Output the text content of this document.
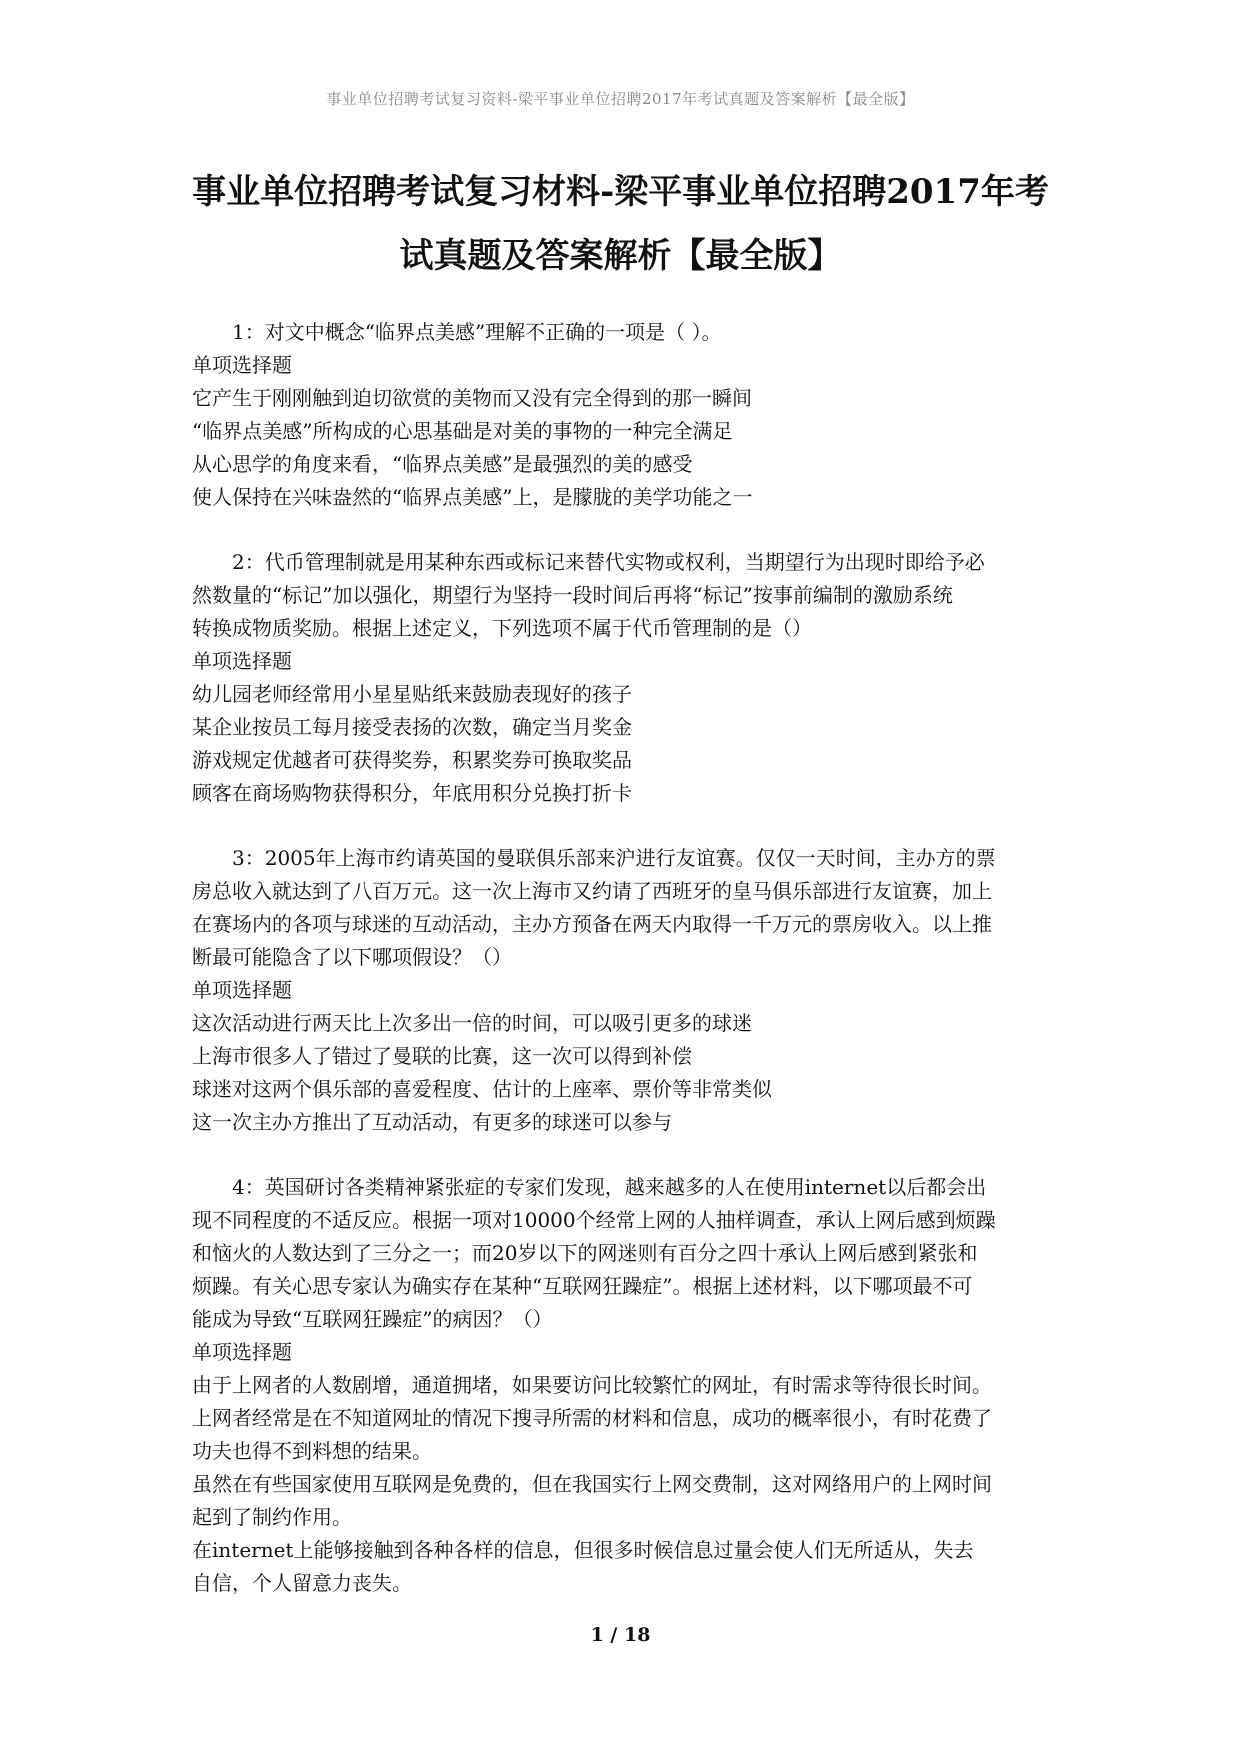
事业单位招聘考试复习资料-梁平事业单位招聘2017年考试真题及答案解析【最全版】
事业单位招聘考试复习材料-梁平事业单位招聘2017年考
试真题及答案解析【最全版】
1：对文中概念“临界点美感”理解不正确的一项是（ ）。
单项选择题
它产生于刚刚触到迫切欲赏的美物而又没有完全得到的那一瞬间
“临界点美感”所构成的心思基础是对美的事物的一种完全满足
从心思学的角度来看，“临界点美感”是最强烈的美的感受
使人保持在兴味盎然的“临界点美感”上，是朦胧的美学功能之一
2：代币管理制就是用某种东西或标记来替代实物或权利，当期望行为出现时即给予必
然数量的“标记”加以强化，期望行为坚持一段时间后再将“标记”按事前编制的激励系统
转换成物质奖励。根据上述定义，下列选项不属于代币管理制的是（）
单项选择题
幼儿园老师经常用小星星贴纸来鼓励表现好的孩子
某企业按员工每月接受表扬的次数，确定当月奖金
游戏规定优越者可获得奖券，积累奖券可换取奖品
顾客在商场购物获得积分，年底用积分兑换打折卡
3：2005年上海市约请英国的曼联俱乐部来沪进行友谊赛。仅仅一天时间，主办方的票
房总收入就达到了八百万元。这一次上海市又约请了西班牙的皇马俱乐部进行友谊赛，加上
在赛场内的各项与球迷的互动活动，主办方预备在两天内取得一千万元的票房收入。以上推
断最可能隐含了以下哪项假设？（）
单项选择题
这次活动进行两天比上次多出一倍的时间，可以吸引更多的球迷
上海市很多人了错过了曼联的比赛，这一次可以得到补偿
球迷对这两个俱乐部的喜爱程度、估计的上座率、票价等非常类似
这一次主办方推出了互动活动，有更多的球迷可以参与
4：英国研讨各类精神紧张症的专家们发现，越来越多的人在使用internet以后都会出
现不同程度的不适反应。根据一项对10000个经常上网的人抽样调查，承认上网后感到烦躁
和恼火的人数达到了三分之一；而20岁以下的网迷则有百分之四十承认上网后感到紧张和
烦躁。有关心思专家认为确实存在某种“互联网狂躁症”。根据上述材料，以下哪项最不可
能成为导致“互联网狂躁症”的病因？（）
单项选择题
由于上网者的人数剧增，通道拥堵，如果要访问比较繁忙的网址，有时需求等待很长时间。
上网者经常是在不知道网址的情况下搜寻所需的材料和信息，成功的概率很小，有时花费了
功夫也得不到料想的结果。
虽然在有些国家使用互联网是免费的，但在我国实行上网交费制，这对网络用户的上网时间
起到了制约作用。
在internet上能够接触到各种各样的信息，但很多时候信息过量会使人们无所适从，失去
自信，个人留意力丧失。
1 / 18
